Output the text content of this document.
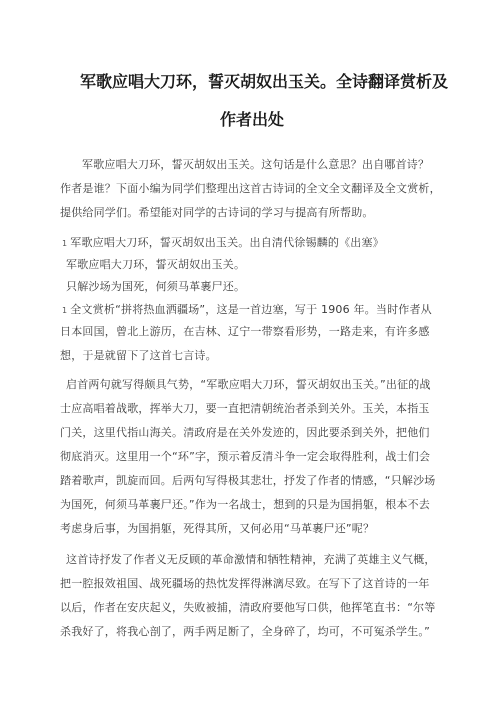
军歌应唱大刀环，誓灭胡奴出玉关。全诗翻译赏析及
作者出处
军歌应唱大刀环，誓灭胡奴出玉关。这句话是什么意思？出自哪首诗？
作者是谁？下面小编为同学们整理出这首古诗词的全文全文翻译及全文赏析，
提供给同学们。希望能对同学的古诗词的学习与提高有所帮助。
1 军歌应唱大刀环，誓灭胡奴出玉关。出自清代徐锡麟的《出塞》
军歌应唱大刀环，誓灭胡奴出玉关。
只解沙场为国死，何须马革裹尸还。
1 全文赏析“拼将热血洒疆场”，这是一首边塞，写于 1906 年。当时作者从
日本回国，曾北上游历，在吉林、辽宁一带察看形势，一路走来，有许多感
想，于是就留下了这首七言诗。
启首两句就写得颇具气势，“军歌应唱大刀环，誓灭胡奴出玉关。”出征的战
士应高唱着战歌，挥举大刀，要一直把清朝统治者杀到关外。玉关，本指玉
门关，这里代指山海关。清政府是在关外发迹的，因此要杀到关外，把他们
彻底消灭。这里用一个“环”字，预示着反清斗争一定会取得胜利，战士们会
踏着歌声，凯旋而回。后两句写得极其悲壮，抒发了作者的情感，“只解沙场
为国死，何须马革裹尸还。”作为一名战士，想到的只是为国捐躯，根本不去
考虑身后事，为国捐躯，死得其所，又何必用“马革裹尸还”呢？
这首诗抒发了作者义无反顾的革命激情和牺牲精神，充满了英雄主义气概，
把一腔报效祖国、战死疆场的热忱发挥得淋漓尽致。在写下了这首诗的一年
以后，作者在安庆起义，失败被捕，清政府要他写口供，他挥笔直书：“尔等
杀我好了，将我心剖了，两手两足断了，全身碎了，均可，不可冤杀学生。”
